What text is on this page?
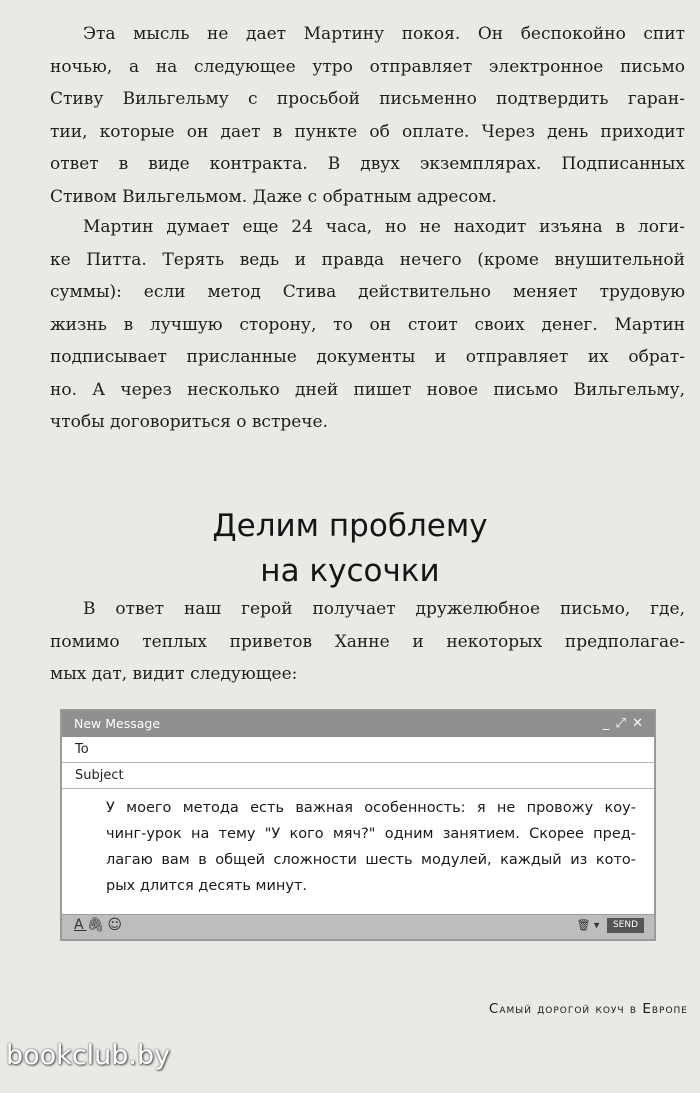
Эта мысль не дает Мартину покоя. Он беспокойно спит
ночью, а на следующее утро отправляет электронное письмо
Стиву Вильгельму с просьбой письменно подтвердить гаран-
тии, которые он дает в пункте об оплате. Через день приходит
ответ в виде контракта. В двух экземплярах. Подписанных
Стивом Вильгельмом. Даже с обратным адресом.
Мартин думает еще 24 часа, но не находит изъяна в логи-
ке Питта. Терять ведь и правда нечего (кроме внушительной
суммы): если метод Стива действительно меняет трудовую
жизнь в лучшую сторону, то он стоит своих денег. Мартин
подписывает присланные документы и отправляет их обрат-
но. А через несколько дней пишет новое письмо Вильгельму,
чтобы договориться о встрече.
Делим проблему
на кусочки
В ответ наш герой получает дружелюбное письмо, где,
помимо теплых приветов Ханне и некоторых предполагае-
мых дат, видит следующее:
New Message	_ ⤢ ✕
To
Subject
У моего метода есть важная особенность: я не провожу коу-
чинг-урок на тему "У кого мяч?" одним занятием. Скорее пред-
лагаю вам в общей сложности шесть модулей, каждый из кото-
рых длится десять минут.
A🖇☺	🗑 ▾ SEND
Самый дорогой коуч в Европе
bookclub.by
